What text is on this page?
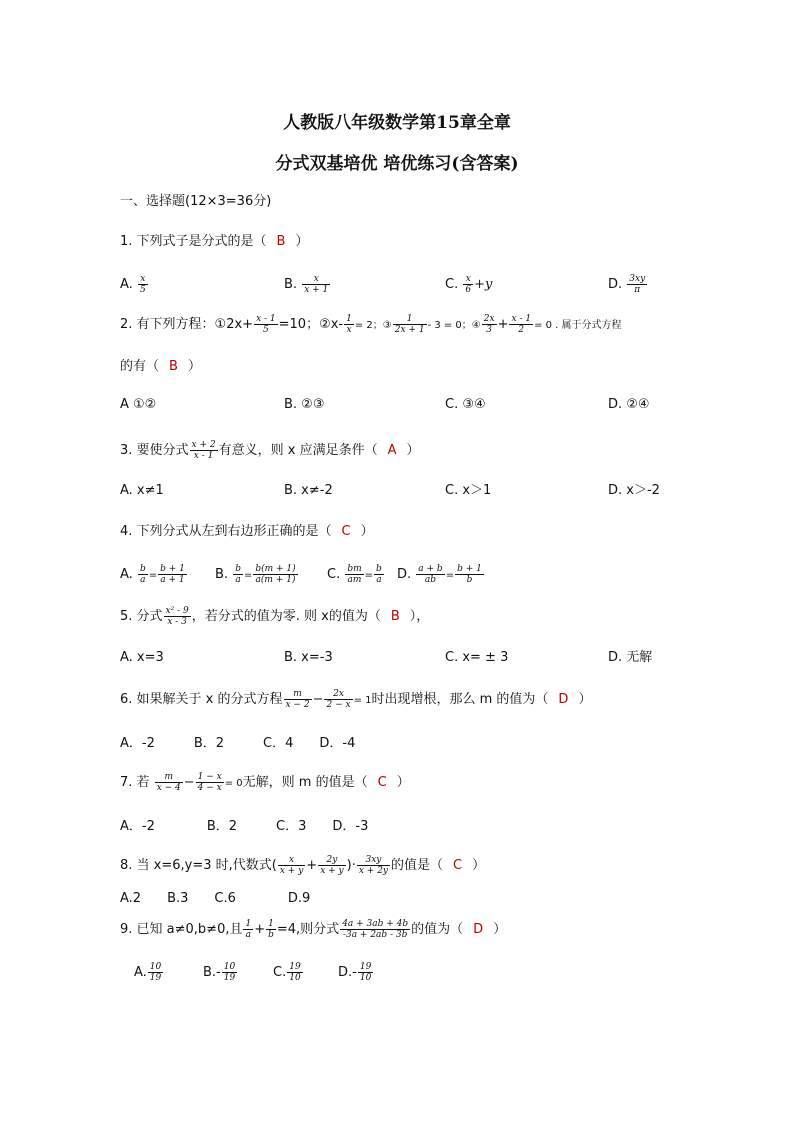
人教版八年级数学第15章全章
分式双基培优 培优练习(含答案)
一、选择题(12×3=36分)
1. 下列式子是分式的是（ B ）
A. $\frac{x}{5}$	B. $\frac{x}{x + 1}$	C. $\frac{x}{6} +y$	D. $\frac{3xy}{\pi}$
2. 有下列方程：①2x+ $\frac{x - 1}{5} =10$；②x- $\frac{1}{x} = 2$；③ $\frac{1}{2x + 1} - 3 = 0$；④ $\frac{2x}{3} + \frac{x - 1}{2} = 0$ . 属于分式方程
的有（ B ）
A ①②	B. ②③	C. ③④	D. ②④
3. 要使分式 $\frac{x + 2}{x - 1}$ 有意义，则 x 应满足条件（ A ）
A. x≠1	B. x≠-2	C. x＞1	D. x＞-2
4. 下列分式从左到右边形正确的是（ C ）
A. $\frac{b}{a} = \frac{b + 1}{a + 1} B$. $\frac{b}{a} = \frac{b(m + 1)}{a(m + 1)} C$. $\frac{bm}{am} = \frac{b}{a} D$. $\frac{a + b}{ab} = \frac{b + 1}{b}$
5. 分式 $\frac{\text{x² - 9}}{x - 3}$ ，若分式的值为零. 则 x的值为（ B ），
A. x=3	B. x=-3	C. x= ± 3	D. 无解
6. 如果解关于 x 的分式方程 $\frac{m}{x - 2} - \frac{2x}{2 - x} = 1$时出现增根，那么 m 的值为（ D ）
A．-2　　　B．2　　　C．4　　D．-4
7. 若 $\frac{m}{x - 4} - \frac{1 - x}{4 - x} = 0$无解，则 m 的值是（ C ）
A．-2　　　　B．2　　　C．3　　D．-3
8. 当 x=6,y=3 时,代数式( $\frac{x}{x + y} + \frac{2y}{x + y}$ )· $\frac{3xy}{x + 2y}$ 的值是（ C ）
A.2　　B.3　　C.6　　　　D.9
9. 已知 a≠0,b≠0,且 $\frac{1}{a} + \frac{1}{b} =4$,则分式 $\frac{4a + 3ab + 4b}{-3a + 2ab - 3b}$ 的值为（ D ）
A. $\frac{10}{19}$	$B.- \frac{10}{19}$	C. $\frac{19}{10}$	$D.- \frac{19}{10}$
